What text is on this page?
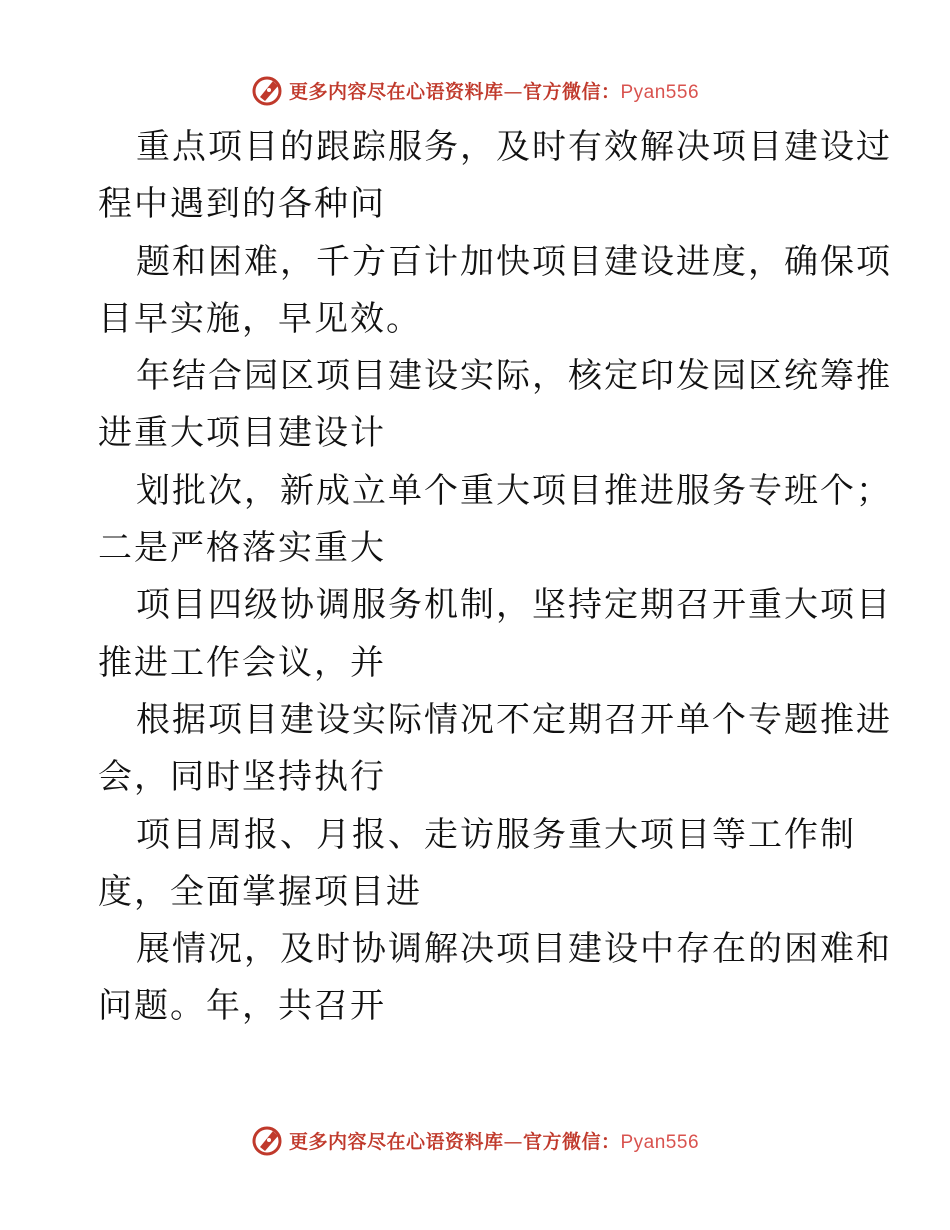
更多内容尽在心语资料库—官方微信：Pyan556
重点项目的跟踪服务，及时有效解决项目建设过
程中遇到的各种问
题和困难，千方百计加快项目建设进度，确保项
目早实施，早见效。
年结合园区项目建设实际，核定印发园区统筹推
进重大项目建设计
划批次，新成立单个重大项目推进服务专班个；
二是严格落实重大
项目四级协调服务机制，坚持定期召开重大项目
推进工作会议，并
根据项目建设实际情况不定期召开单个专题推进
会，同时坚持执行
项目周报、月报、走访服务重大项目等工作制
度，全面掌握项目进
展情况，及时协调解决项目建设中存在的困难和
问题。年，共召开
更多内容尽在心语资料库—官方微信：Pyan556
